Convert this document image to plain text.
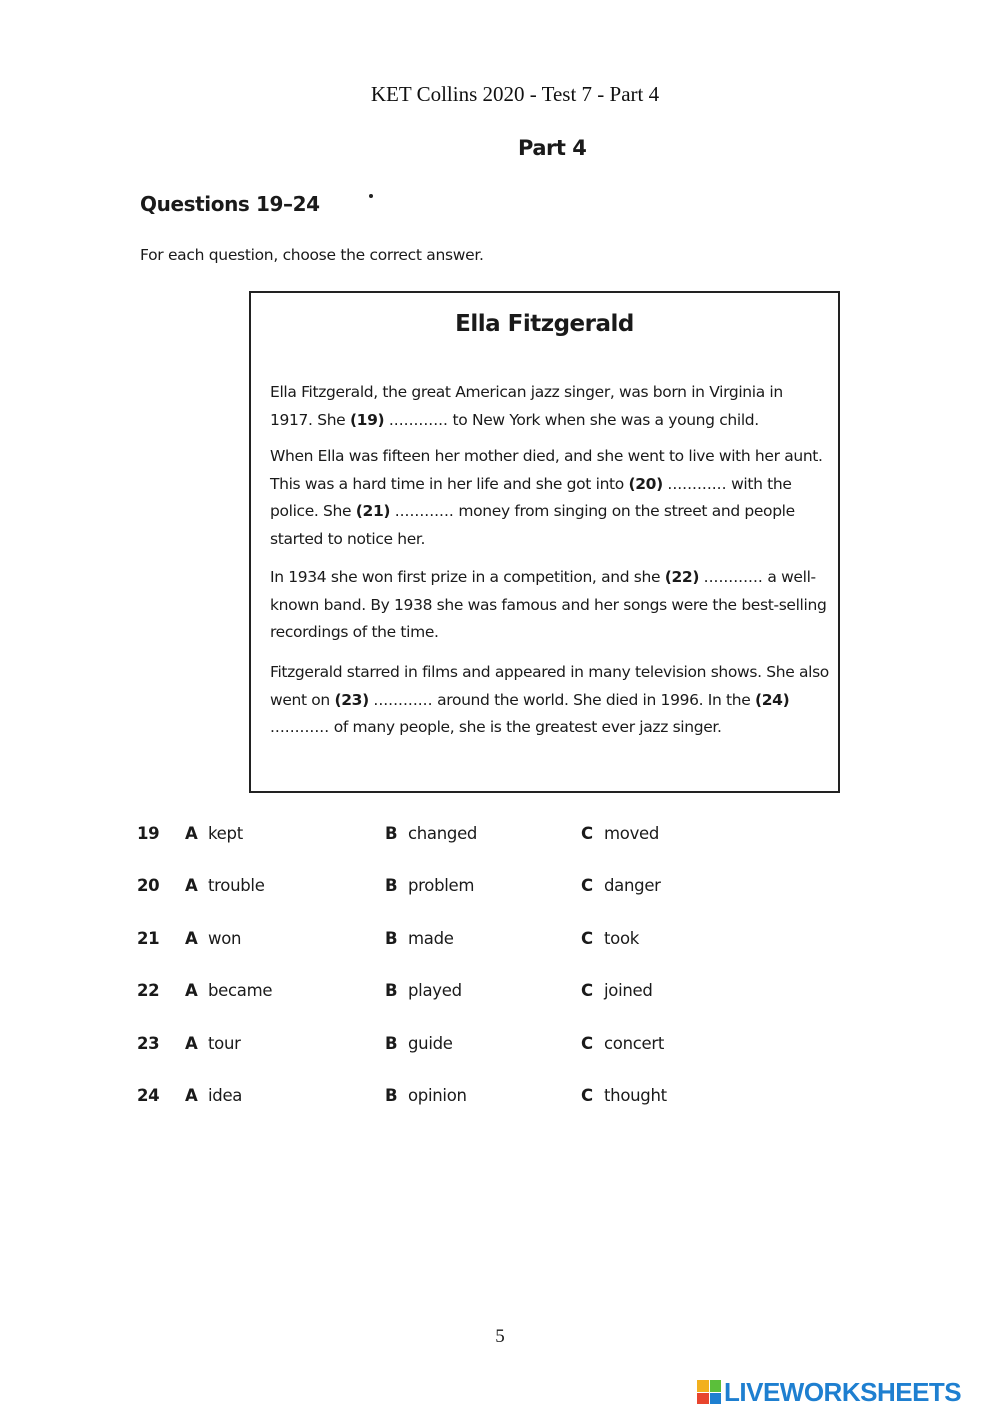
KET Collins 2020 - Test 7 - Part 4
Part 4
Questions 19–24
For each question, choose the correct answer.
Ella Fitzgerald
Ella Fitzgerald, the great American jazz singer, was born in Virginia in 1917. She (19) ............ to New York when she was a young child.
When Ella was fifteen her mother died, and she went to live with her aunt. This was a hard time in her life and she got into (20) ............ with the police. She (21) ............ money from singing on the street and people started to notice her.
In 1934 she won first prize in a competition, and she (22) ............ a well-known band. By 1938 she was famous and her songs were the best-selling recordings of the time.
Fitzgerald starred in films and appeared in many television shows. She also went on (23) ............ around the world. She died in 1996. In the (24) ............ of many people, she is the greatest ever jazz singer.
19 A kept	B changed	C moved
20 A trouble	B problem	C danger
21 A won	B made	C took
22 A became	B played	C joined
23 A tour	B guide	C concert
24 A idea	B opinion	C thought
5
LIVEWORKSHEETS
